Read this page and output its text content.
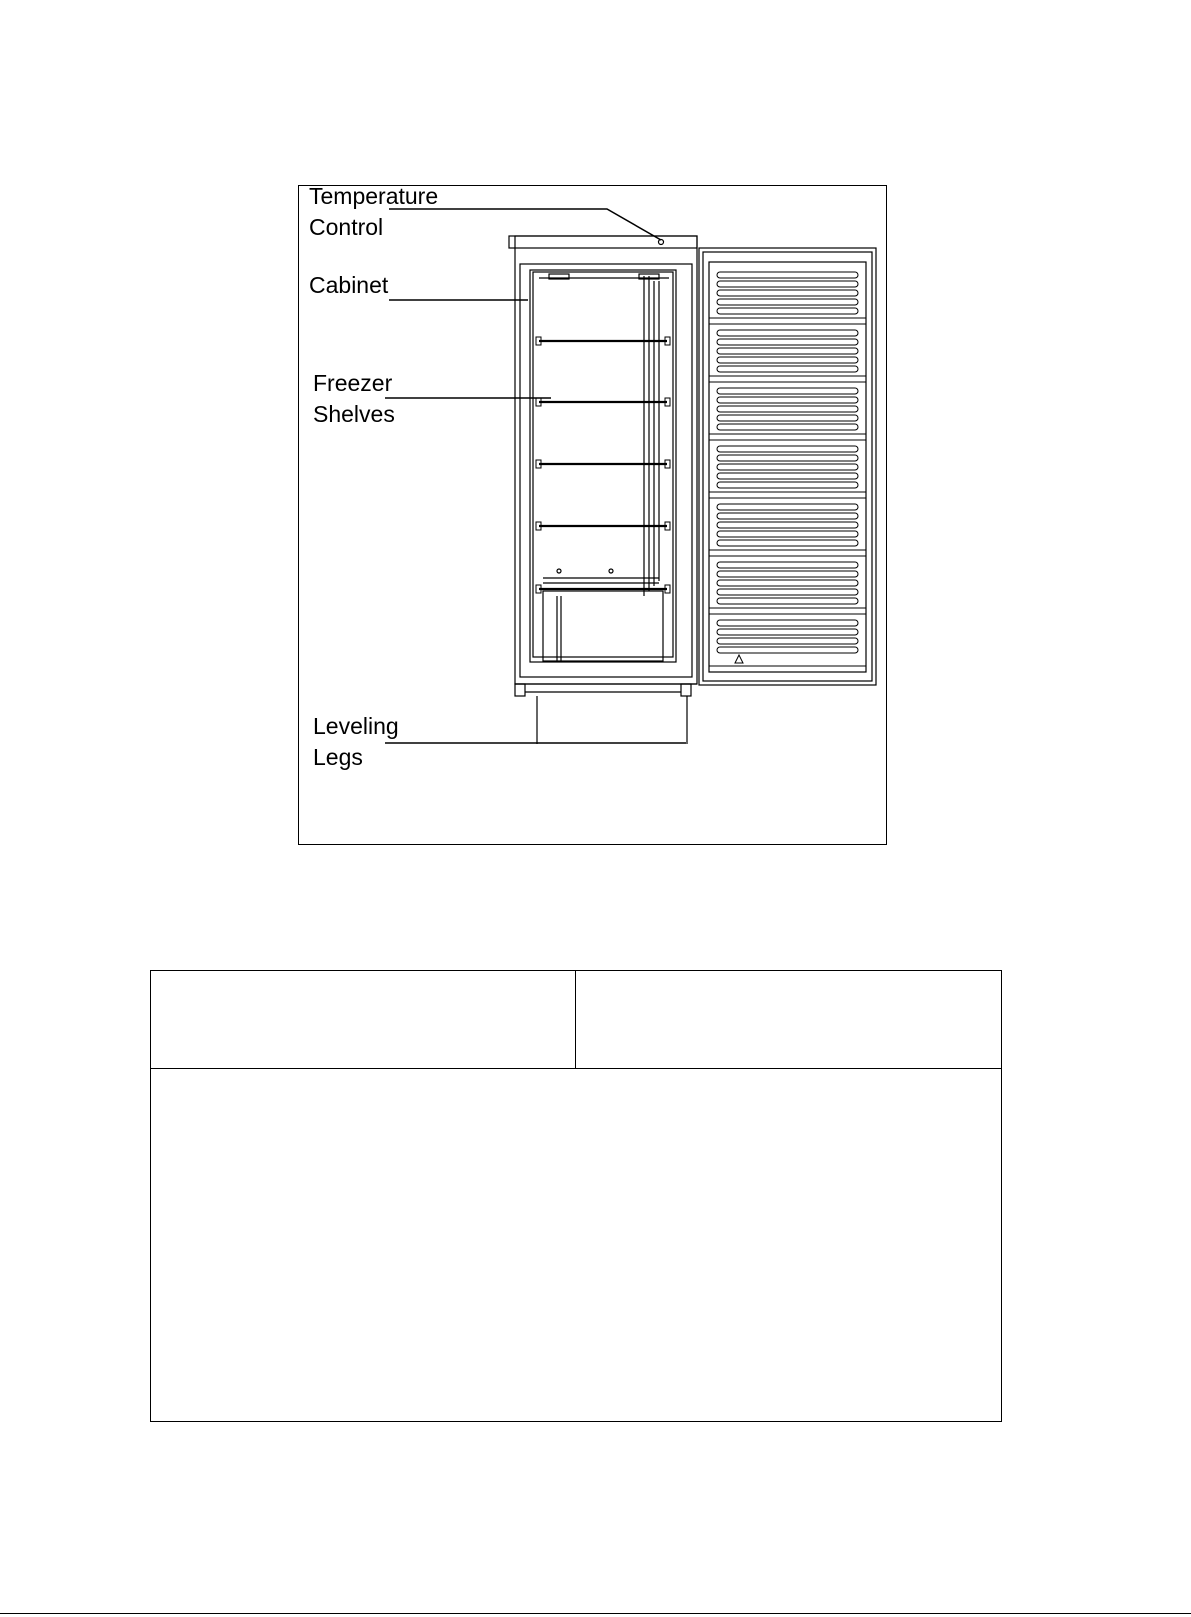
Temperature
Control
Cabinet
Freezer
Shelves
Leveling
Legs
